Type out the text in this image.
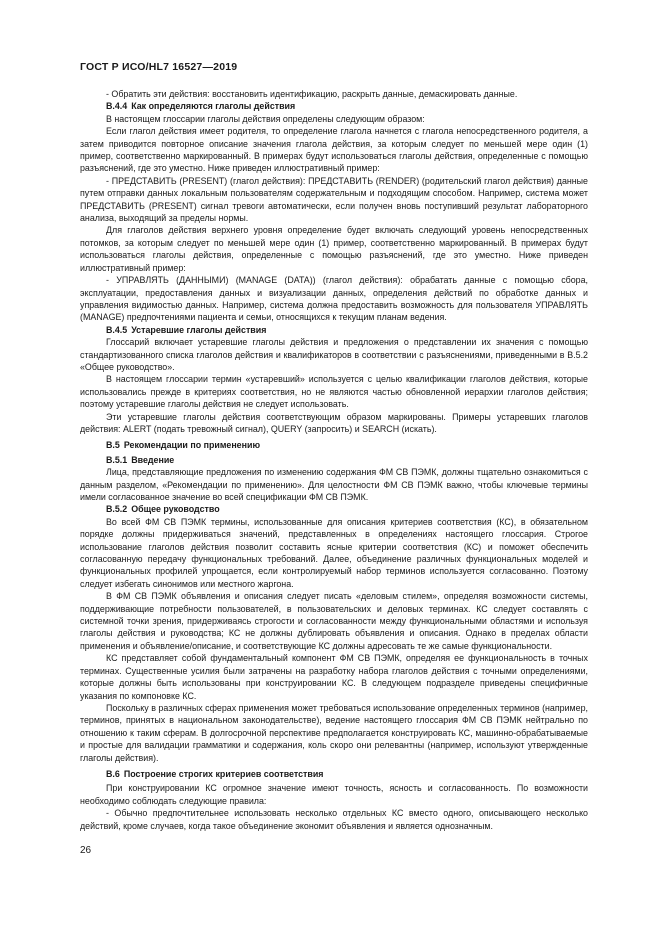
ГОСТ Р ИСО/HL7 16527—2019

- Обратить эти действия: восстановить идентификацию, раскрыть данные, демаскировать данные.

B.4.4 Как определяются глаголы действия

В настоящем глоссарии глаголы действия определены следующим образом:

Если глагол действия имеет родителя, то определение глагола начнется с глагола непосредственного родителя, а затем приводится повторное описание значения глагола действия, за которым следует по меньшей мере один (1) пример, соответственно маркированный. В примерах будут использоваться глаголы действия, определенные с помощью разъяснений, где это уместно. Ниже приведен иллюстративный пример:

- ПРЕДСТАВИТЬ (PRESENT) (глагол действия): ПРЕДСТАВИТЬ (RENDER) (родительский глагол действия) данные путем отправки данных локальным пользователям содержательным и подходящим способом. Например, система может ПРЕДСТАВИТЬ (PRESENT) сигнал тревоги автоматически, если получен вновь поступивший результат лабораторного анализа, выходящий за пределы нормы.

Для глаголов действия верхнего уровня определение будет включать следующий уровень непосредственных потомков, за которым следует по меньшей мере один (1) пример, соответственно маркированный. В примерах будут использоваться глаголы действия, определенные с помощью разъяснений, где это уместно. Ниже приведен иллюстративный пример:

- УПРАВЛЯТЬ (ДАННЫМИ) (MANAGE (DATA)) (глагол действия): обрабатать данные с помощью сбора, эксплуатации, предоставления данных и визуализации данных, определения действий по обработке данных и управления видимостью данных. Например, система должна предоставить возможность для пользователя УПРАВЛЯТЬ (MANAGE) предпочтениями пациента и семьи, относящихся к текущим планам ведения.

B.4.5 Устаревшие глаголы действия

Глоссарий включает устаревшие глаголы действия и предложения о представлении их значения с помощью стандартизованного списка глаголов действия и квалификаторов в соответствии с разъяснениями, приведенными в B.5.2 «Общее руководство».

В настоящем глоссарии термин «устаревший» используется с целью квалификации глаголов действия, которые использовались прежде в критериях соответствия, но не являются частью обновленной иерархии глаголов действия; поэтому устаревшие глаголы действия не следует использовать.

Эти устаревшие глаголы действия соответствующим образом маркированы. Примеры устаревших глаголов действия: ALERT (подать тревожный сигнал), QUERY (запросить) и SEARCH (искать).

B.5 Рекомендации по применению
B.5.1 Введение

Лица, представляющие предложения по изменению содержания ФМ СВ ПЭМК, должны тщательно ознакомиться с данным разделом, «Рекомендации по применению». Для целостности ФМ СВ ПЭМК важно, чтобы ключевые термины имели согласованное значение во всей спецификации ФМ СВ ПЭМК.

B.5.2 Общее руководство

Во всей ФМ СВ ПЭМК термины, использованные для описания критериев соответствия (КС), в обязательном порядке должны придерживаться значений, представленных в определениях настоящего глоссария. Строгое использование глаголов действия позволит составить ясные критерии соответствия (КС) и поможет обеспечить согласованную передачу функциональных требований. Далее, объединение различных функциональных моделей и функциональных профилей упрощается, если контролируемый набор терминов используется согласованно. Поэтому следует избегать синонимов или местного жаргона.

В ФМ СВ ПЭМК объявления и описания следует писать «деловым стилем», определяя возможности системы, поддерживающие потребности пользователей, в пользовательских и деловых терминах. КС следует составлять с системной точки зрения, придерживаясь строгости и согласованности между функциональными областями и используя глаголы действия и руководства; КС не должны дублировать объявления и описания. Однако в пределах области применения и объявление/описание, и соответствующие КС должны адресовать те же самые функциональности.

КС представляет собой фундаментальный компонент ФМ СВ ПЭМК, определяя ее функциональность в точных терминах. Существенные усилия были затрачены на разработку набора глаголов действия с точными определениями, которые должны быть использованы при конструировании КС. В следующем подразделе приведены специфичные указания по компоновке КС.

Поскольку в различных сферах применения может требоваться использование определенных терминов (например, терминов, принятых в национальном законодательстве), ведение настоящего глоссария ФМ СВ ПЭМК нейтрально по отношению к таким сферам. В долгосрочной перспективе предполагается конструировать КС, машинно-обрабатываемые и простые для валидации грамматики и содержания, коль скоро они релевантны (например, используют утвержденные глаголы действия).

B.6 Построение строгих критериев соответствия

При конструировании КС огромное значение имеют точность, ясность и согласованность. По возможности необходимо соблюдать следующие правила:

- Обычно предпочтительнее использовать несколько отдельных КС вместо одного, описывающего несколько действий, кроме случаев, когда такое объединение экономит объявления и является однозначным.

26
